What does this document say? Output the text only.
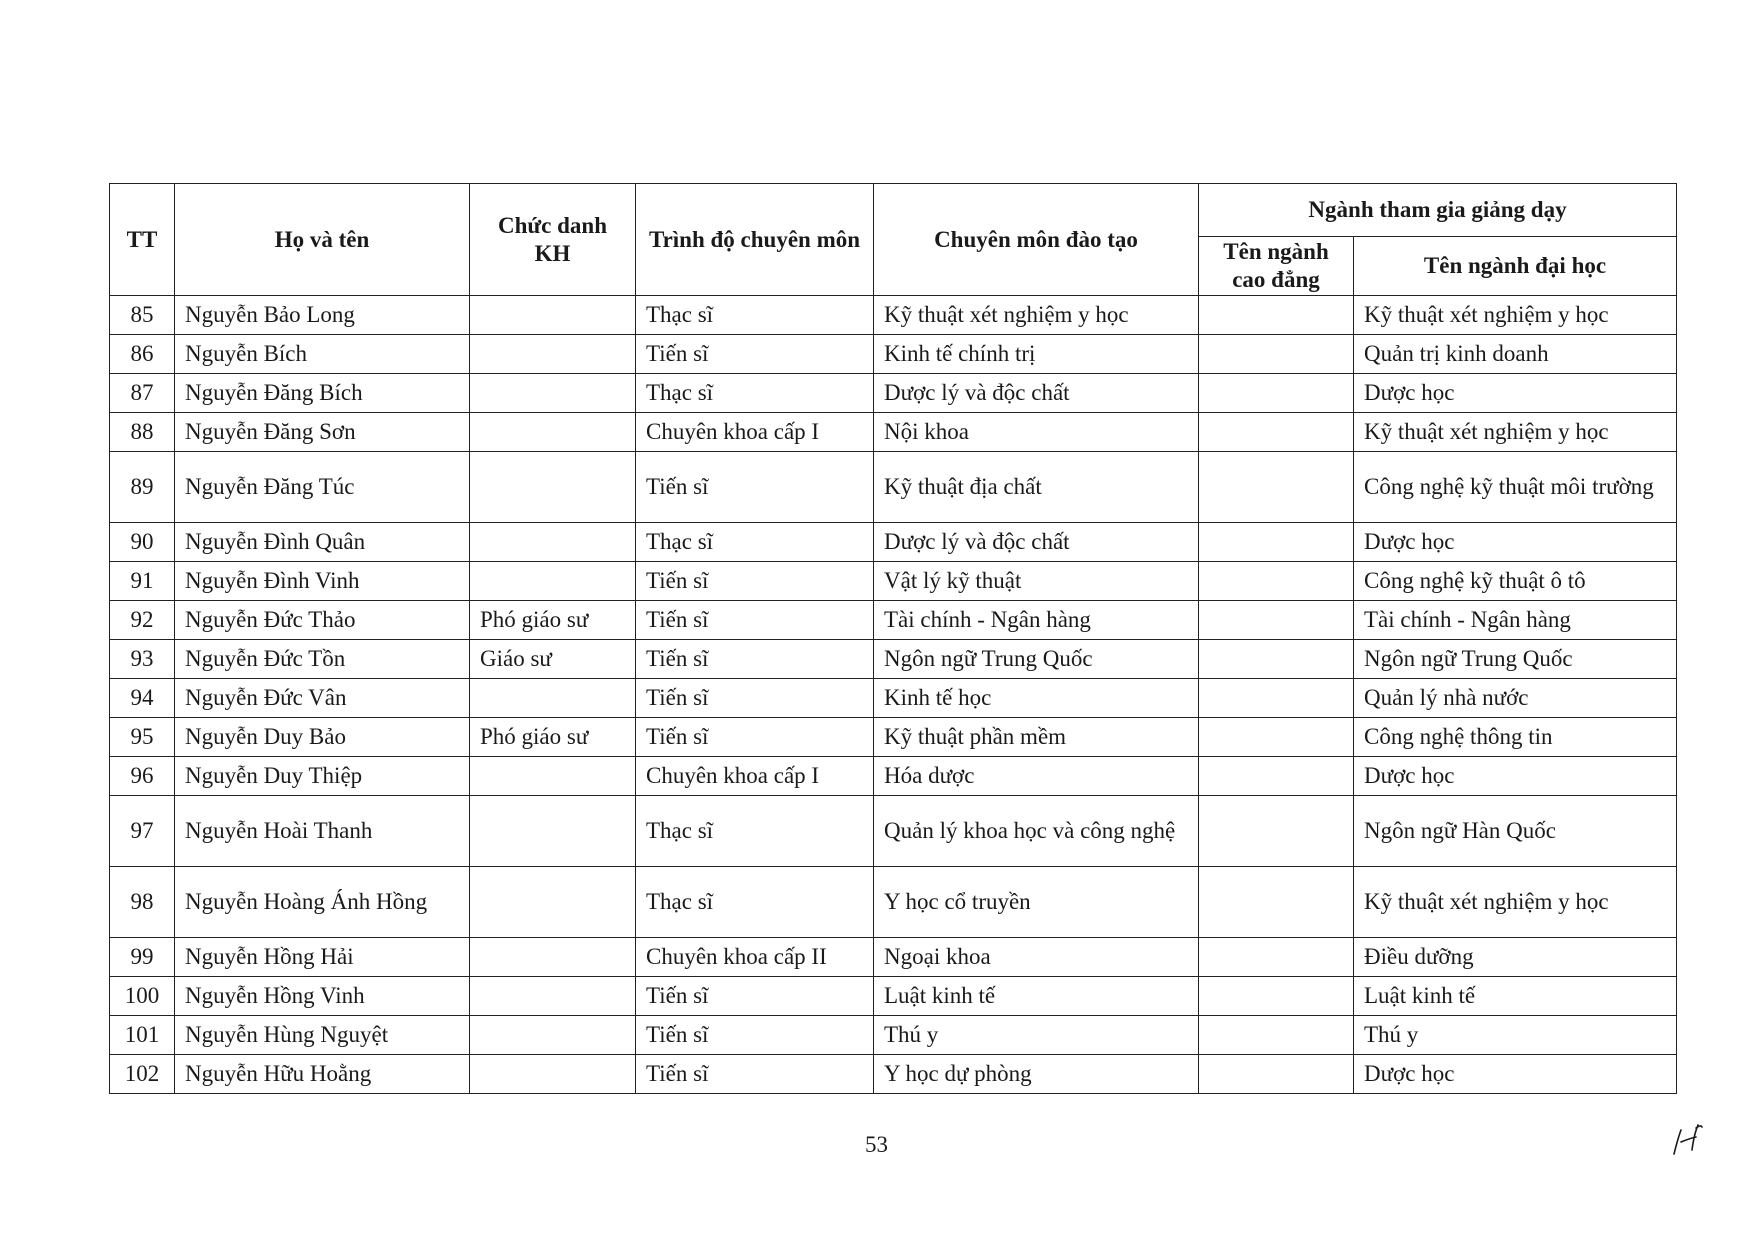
TT	Họ và tên	Chức danh KH	Trình độ chuyên môn	Chuyên môn đào tạo	Ngành tham gia giảng dạy	
					Tên ngành cao đẳng	Tên ngành đại học
85	Nguyễn Bảo Long		Thạc sĩ	Kỹ thuật xét nghiệm y học		Kỹ thuật xét nghiệm y học
86	Nguyễn Bích		Tiến sĩ	Kinh tế chính trị		Quản trị kinh doanh
87	Nguyễn Đăng Bích		Thạc sĩ	Dược lý và độc chất		Dược học
88	Nguyễn Đăng Sơn		Chuyên khoa cấp I	Nội khoa		Kỹ thuật xét nghiệm y học
89	Nguyễn Đăng Túc		Tiến sĩ	Kỹ thuật địa chất		Công nghệ kỹ thuật môi trường
90	Nguyễn Đình Quân		Thạc sĩ	Dược lý và độc chất		Dược học
91	Nguyễn Đình Vinh		Tiến sĩ	Vật lý kỹ thuật		Công nghệ kỹ thuật ô tô
92	Nguyễn Đức Thảo	Phó giáo sư	Tiến sĩ	Tài chính - Ngân hàng		Tài chính - Ngân hàng
93	Nguyễn Đức Tồn	Giáo sư	Tiến sĩ	Ngôn ngữ Trung Quốc		Ngôn ngữ Trung Quốc
94	Nguyễn Đức Vân		Tiến sĩ	Kinh tế học		Quản lý nhà nước
95	Nguyễn Duy Bảo	Phó giáo sư	Tiến sĩ	Kỹ thuật phần mềm		Công nghệ thông tin
96	Nguyễn Duy Thiệp		Chuyên khoa cấp I	Hóa dược		Dược học
97	Nguyễn Hoài Thanh		Thạc sĩ	Quản lý khoa học và công nghệ		Ngôn ngữ Hàn Quốc
98	Nguyễn Hoàng Ánh Hồng		Thạc sĩ	Y học cổ truyền		Kỹ thuật xét nghiệm y học
99	Nguyễn Hồng Hải		Chuyên khoa cấp II	Ngoại khoa		Điều dưỡng
100	Nguyễn Hồng Vinh		Tiến sĩ	Luật kinh tế		Luật kinh tế
101	Nguyễn Hùng Nguyệt		Tiến sĩ	Thú y		Thú y
102	Nguyễn Hữu Hoằng		Tiến sĩ	Y học dự phòng		Dược học
53
